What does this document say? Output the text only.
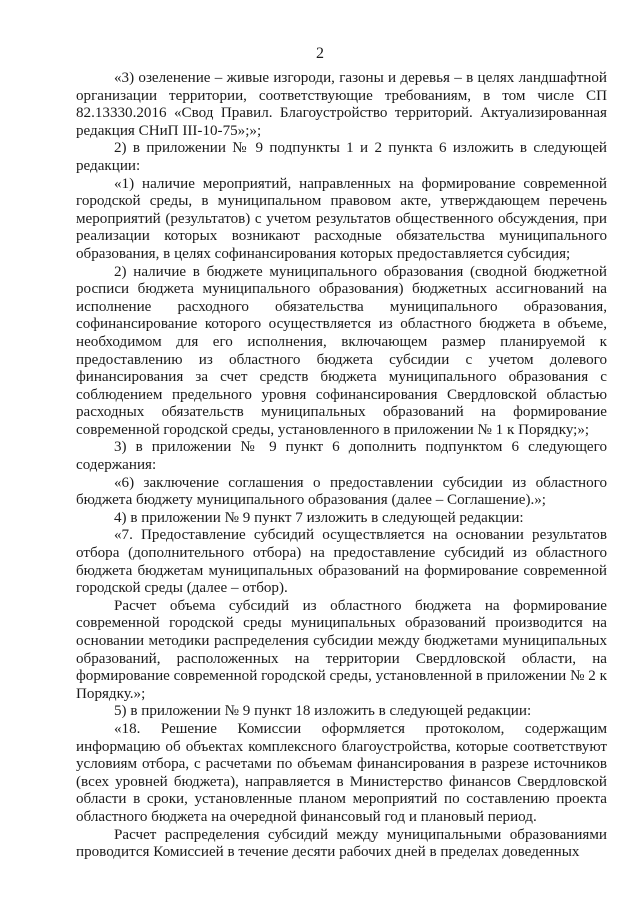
2

«3) озеленение – живые изгороди, газоны и деревья – в целях ландшафтной организации территории, соответствующие требованиям, в том числе СП 82.13330.2016 «Свод Правил. Благоустройство территорий. Актуализированная редакция СНиП III-10-75»;»;

2) в приложении № 9 подпункты 1 и 2 пункта 6 изложить в следующей редакции:

«1) наличие мероприятий, направленных на формирование современной городской среды, в муниципальном правовом акте, утверждающем перечень мероприятий (результатов) с учетом результатов общественного обсуждения, при реализации которых возникают расходные обязательства муниципального образования, в целях софинансирования которых предоставляется субсидия;

2) наличие в бюджете муниципального образования (сводной бюджетной росписи бюджета муниципального образования) бюджетных ассигнований на исполнение расходного обязательства муниципального образования, софинансирование которого осуществляется из областного бюджета в объеме, необходимом для его исполнения, включающем размер планируемой к предоставлению из областного бюджета субсидии с учетом долевого финансирования за счет средств бюджета муниципального образования с соблюдением предельного уровня софинансирования Свердловской областью расходных обязательств муниципальных образований на формирование современной городской среды, установленного в приложении № 1 к Порядку;»;

3) в приложении № 9 пункт 6 дополнить подпунктом 6 следующего содержания:

«6) заключение соглашения о предоставлении субсидии из областного бюджета бюджету муниципального образования (далее – Соглашение).»;

4) в приложении № 9 пункт 7 изложить в следующей редакции:

«7. Предоставление субсидий осуществляется на основании результатов отбора (дополнительного отбора) на предоставление субсидий из областного бюджета бюджетам муниципальных образований на формирование современной городской среды (далее – отбор).

Расчет объема субсидий из областного бюджета на формирование современной городской среды муниципальных образований производится на основании методики распределения субсидии между бюджетами муниципальных образований, расположенных на территории Свердловской области, на формирование современной городской среды, установленной в приложении № 2 к Порядку.»;

5) в приложении № 9 пункт 18 изложить в следующей редакции:

«18. Решение Комиссии оформляется протоколом, содержащим информацию об объектах комплексного благоустройства, которые соответствуют условиям отбора, с расчетами по объемам финансирования в разрезе источников (всех уровней бюджета), направляется в Министерство финансов Свердловской области в сроки, установленные планом мероприятий по составлению проекта областного бюджета на очередной финансовый год и плановый период.

Расчет распределения субсидий между муниципальными образованиями проводится Комиссией в течение десяти рабочих дней в пределах доведенных
